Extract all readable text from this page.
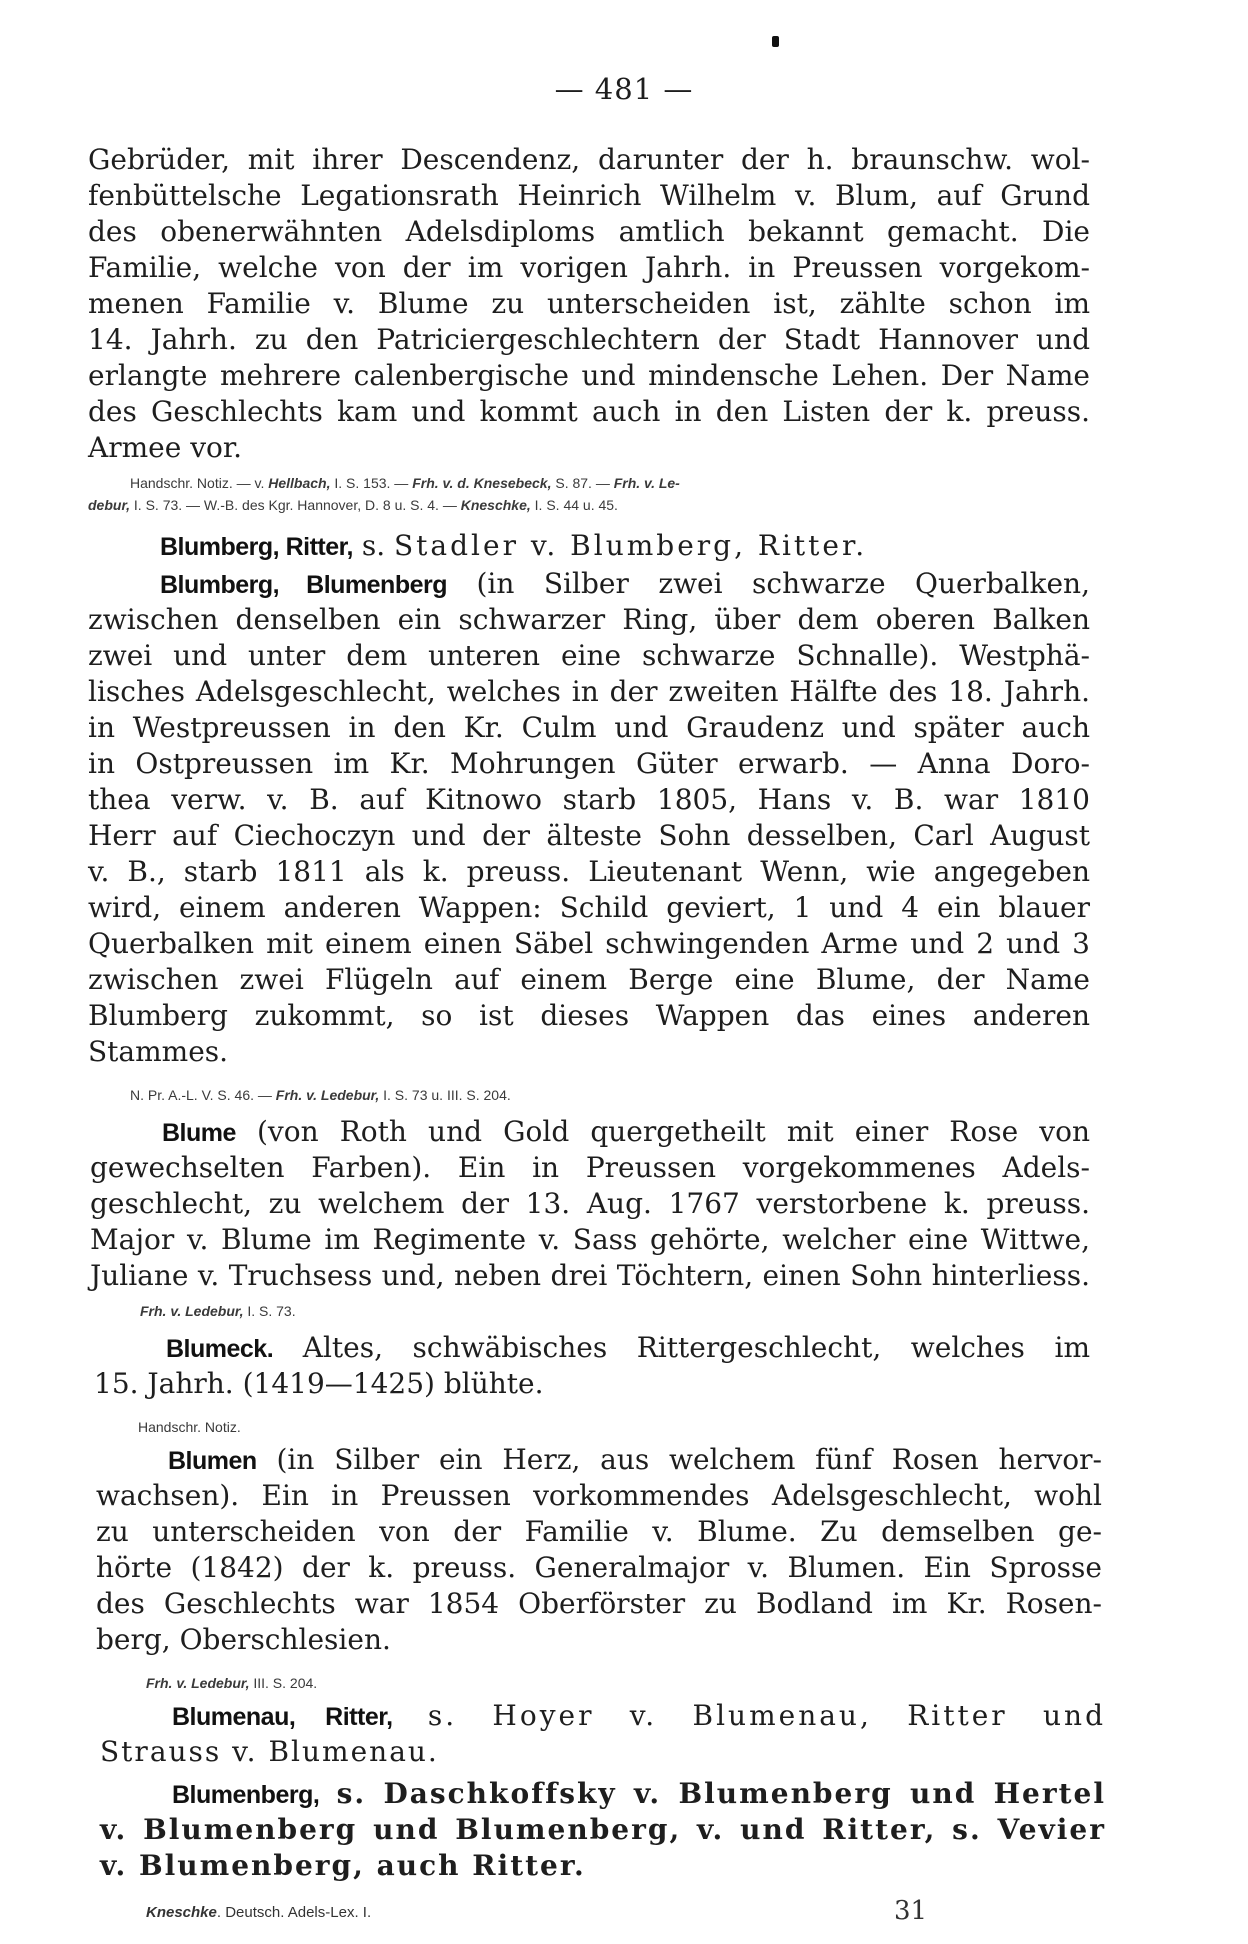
— 481 —
Gebrüder, mit ihrer Descendenz, darunter der h. braunschw. wol-
fenbüttelsche Legationsrath Heinrich Wilhelm v. Blum, auf Grund
des obenerwähnten Adelsdiploms amtlich bekannt gemacht. Die
Familie, welche von der im vorigen Jahrh. in Preussen vorgekom-
menen Familie v. Blume zu unterscheiden ist, zählte schon im
14. Jahrh. zu den Patriciergeschlechtern der Stadt Hannover und
erlangte mehrere calenbergische und mindensche Lehen. Der Name
des Geschlechts kam und kommt auch in den Listen der k. preuss.
Armee vor.
Handschr. Notiz. — v. Hellbach, I. S. 153. — Frh. v. d. Knesebeck, S. 87. — Frh. v. Le-
debur, I. S. 73. — W.-B. des Kgr. Hannover, D. 8 u. S. 4. — Kneschke, I. S. 44 u. 45.
Blumberg, Ritter, s. Stadler v. Blumberg, Ritter.
Blumberg, Blumenberg (in Silber zwei schwarze Querbalken,
zwischen denselben ein schwarzer Ring, über dem oberen Balken
zwei und unter dem unteren eine schwarze Schnalle). Westphä-
lisches Adelsgeschlecht, welches in der zweiten Hälfte des 18. Jahrh.
in Westpreussen in den Kr. Culm und Graudenz und später auch
in Ostpreussen im Kr. Mohrungen Güter erwarb. — Anna Doro-
thea verw. v. B. auf Kitnowo starb 1805, Hans v. B. war 1810
Herr auf Ciechoczyn und der älteste Sohn desselben, Carl August
v. B., starb 1811 als k. preuss. Lieutenant Wenn, wie angegeben
wird, einem anderen Wappen: Schild geviert, 1 und 4 ein blauer
Querbalken mit einem einen Säbel schwingenden Arme und 2 und 3
zwischen zwei Flügeln auf einem Berge eine Blume, der Name
Blumberg zukommt, so ist dieses Wappen das eines anderen
Stammes.
N. Pr. A.-L. V. S. 46. — Frh. v. Ledebur, I. S. 73 u. III. S. 204.
Blume (von Roth und Gold quergetheilt mit einer Rose von
gewechselten Farben). Ein in Preussen vorgekommenes Adels-
geschlecht, zu welchem der 13. Aug. 1767 verstorbene k. preuss.
Major v. Blume im Regimente v. Sass gehörte, welcher eine Wittwe,
Juliane v. Truchsess und, neben drei Töchtern, einen Sohn hinterliess.
Frh. v. Ledebur, I. S. 73.
Blumeck. Altes, schwäbisches Rittergeschlecht, welches im
15. Jahrh. (1419—1425) blühte.
Handschr. Notiz.
Blumen (in Silber ein Herz, aus welchem fünf Rosen hervor-
wachsen). Ein in Preussen vorkommendes Adelsgeschlecht, wohl
zu unterscheiden von der Familie v. Blume. Zu demselben ge-
hörte (1842) der k. preuss. Generalmajor v. Blumen. Ein Sprosse
des Geschlechts war 1854 Oberförster zu Bodland im Kr. Rosen-
berg, Oberschlesien.
Frh. v. Ledebur, III. S. 204.
Blumenau, Ritter, s. Hoyer v. Blumenau, Ritter und
Strauss v. Blumenau.
Blumenberg, s. Daschkoffsky v. Blumenberg und Hertel
v. Blumenberg und Blumenberg, v. und Ritter, s. Vevier
v. Blumenberg, auch Ritter.
Kneschke. Deutsch. Adels-Lex. I.	31
